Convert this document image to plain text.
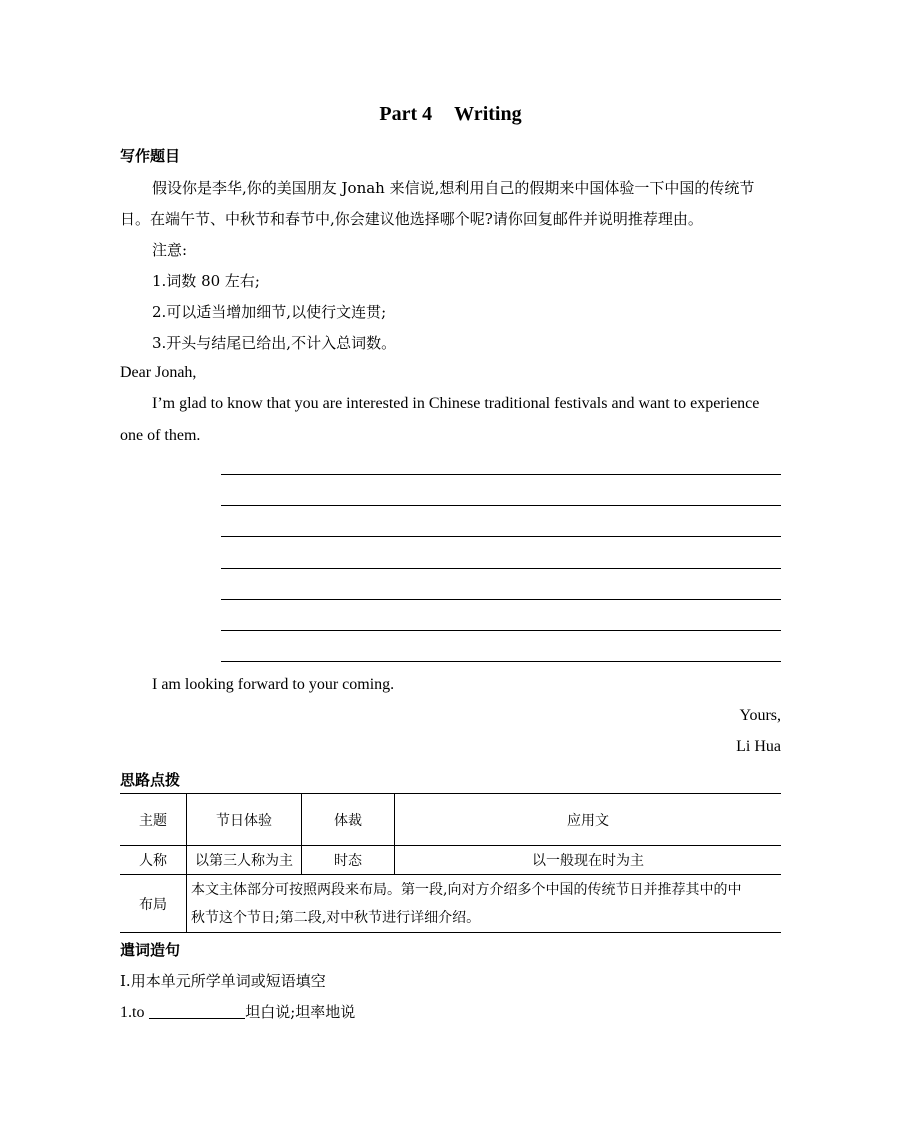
Part 4 Writing
写作题目
假设你是李华,你的美国朋友 Jonah 来信说,想利用自己的假期来中国体验一下中国的传统节
日。在端午节、中秋节和春节中,你会建议他选择哪个呢?请你回复邮件并说明推荐理由。
注意:
1.词数 80 左右;
2.可以适当增加细节,以使行文连贯;
3.开头与结尾已给出,不计入总词数。
Dear Jonah,
I’m glad to know that you are interested in Chinese traditional festivals and want to experience
one of them.
I am looking forward to your coming.
Yours,
Li Hua
思路点拨
主题	节日体验	体裁	应用文
人称	以第三人称为主	时态	以一般现在时为主
布局	本文主体部分可按照两段来布局。第一段,向对方介绍多个中国的传统节日并推荐其中的中
秋节这个节日;第二段,对中秋节进行详细介绍。		
遣词造句
Ⅰ.用本单元所学单词或短语填空
1.to	坦白说;坦率地说
